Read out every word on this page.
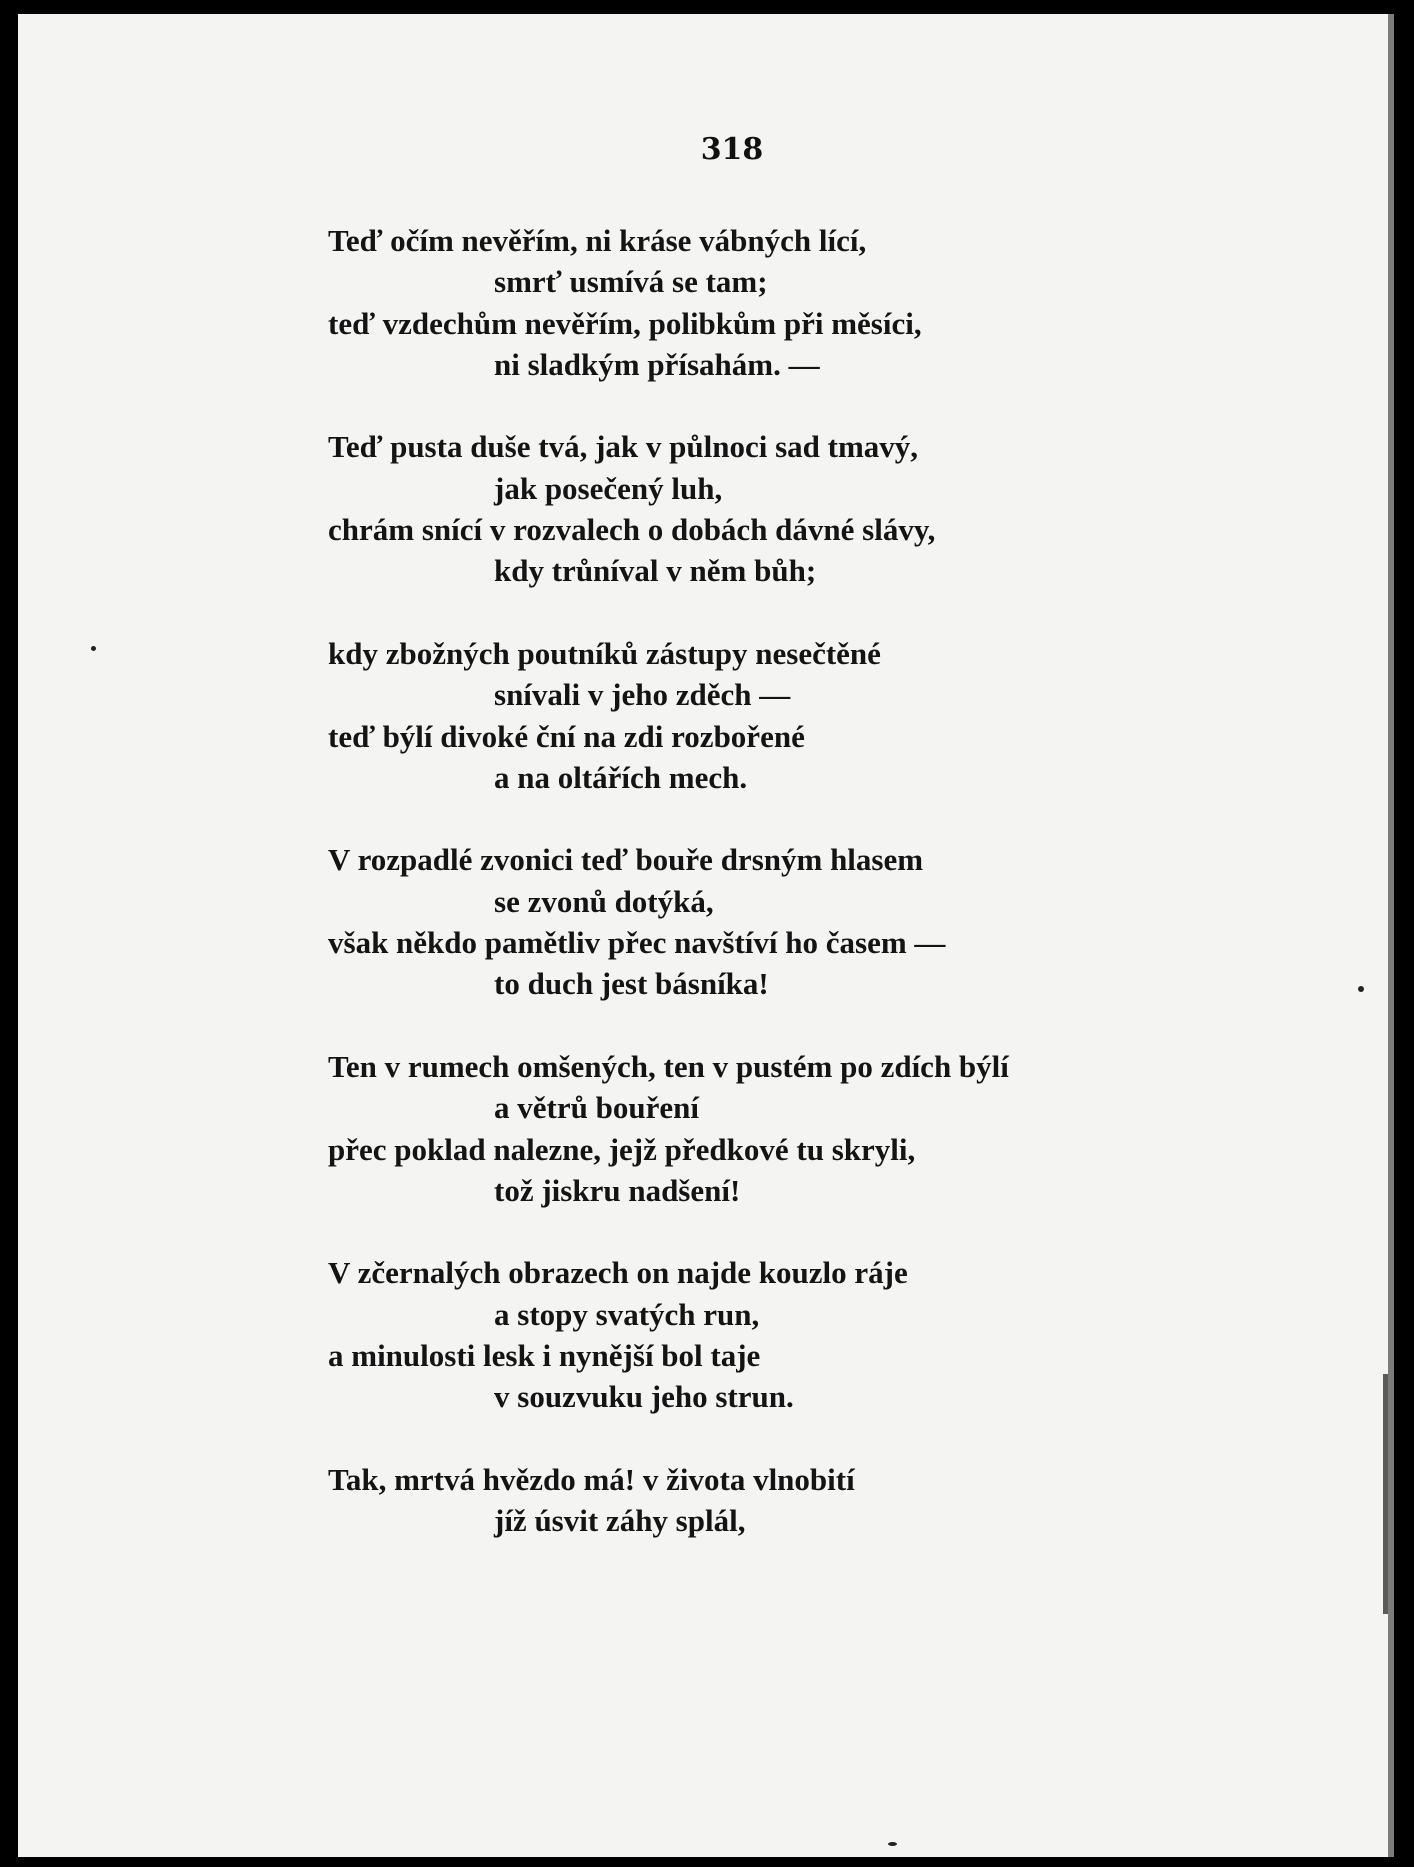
318
Teď očím nevěřím, ni kráse vábných lící,
smrť usmívá se tam;
teď vzdechům nevěřím, polibkům při měsíci,
ni sladkým přísahám. —
Teď pusta duše tvá, jak v půlnoci sad tmavý,
jak posečený luh,
chrám snící v rozvalech o dobách dávné slávy,
kdy trůníval v něm bůh;
kdy zbožných poutníků zástupy nesečtěné
snívali v jeho zděch —
teď býlí divoké ční na zdi rozbořené
a na oltářích mech.
V rozpadlé zvonici teď bouře drsným hlasem
se zvonů dotýká,
však někdo pamětliv přec navštíví ho časem —
to duch jest básníka!
Ten v rumech omšených, ten v pustém po zdích býlí
a větrů bouření
přec poklad nalezne, jejž předkové tu skryli,
tož jiskru nadšení!
V zčernalých obrazech on najde kouzlo ráje
a stopy svatých run,
a minulosti lesk i nynější bol taje
v souzvuku jeho strun.
Tak, mrtvá hvězdo má! v života vlnobití
jíž úsvit záhy splál,
